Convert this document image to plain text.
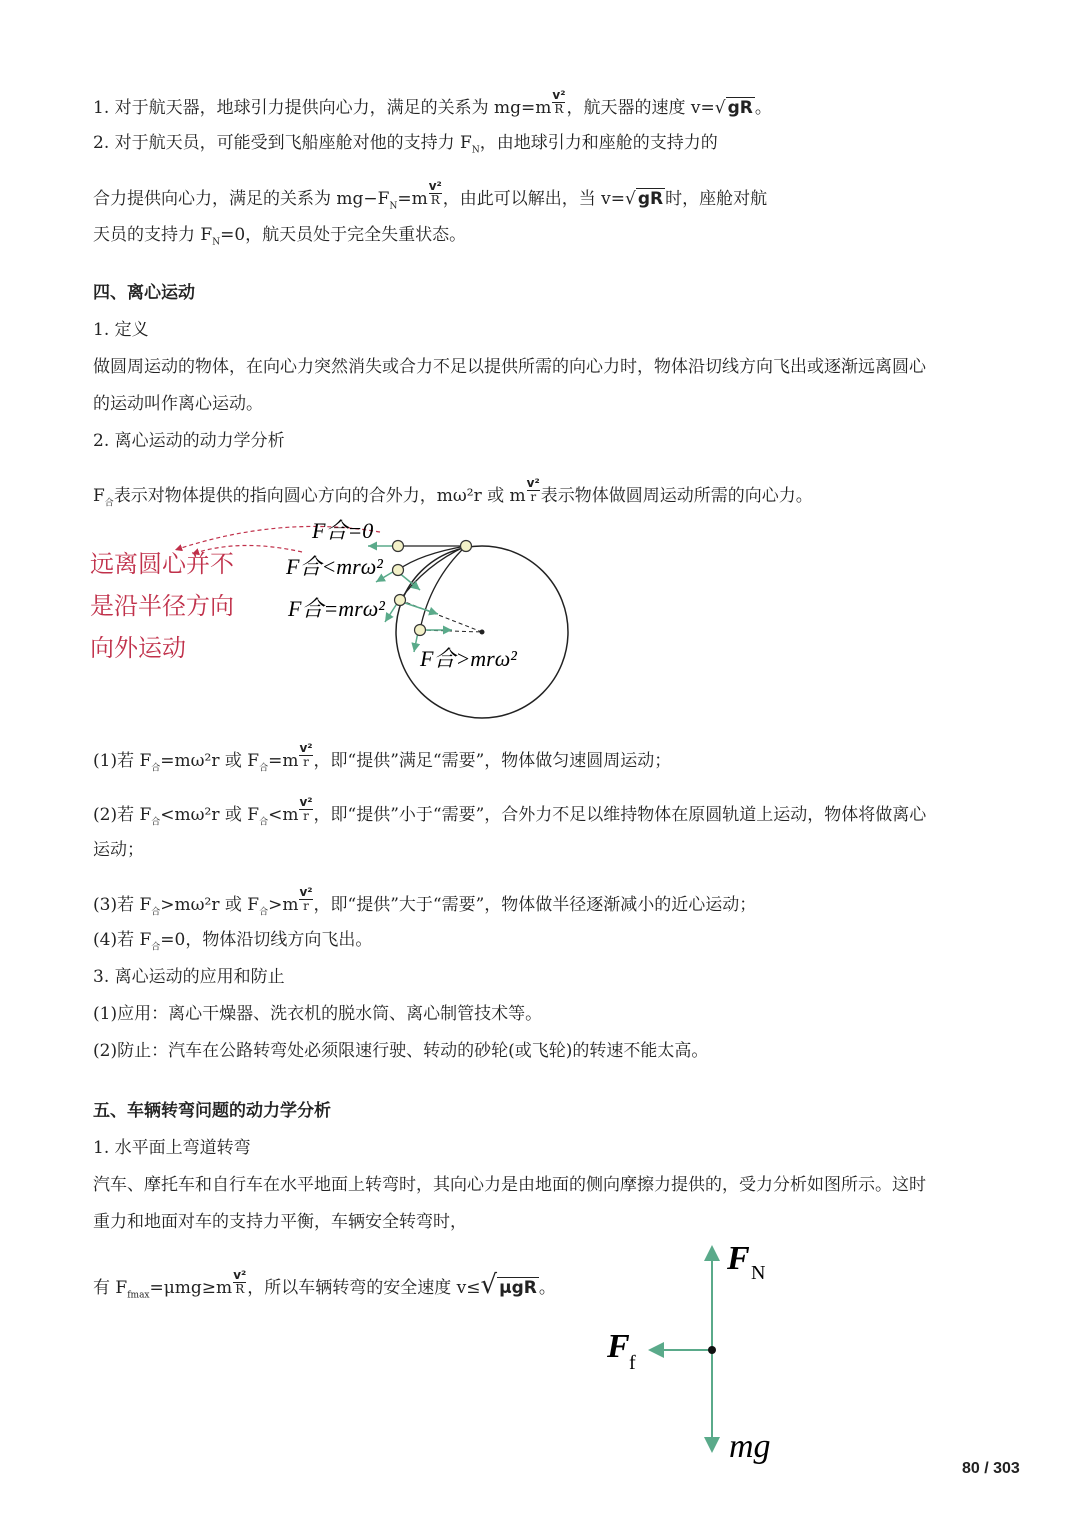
1. 对于航天器，地球引力提供向心力，满足的关系为 $mg=m \frac{\text{v²}}{R}$ ，航天器的速度 v=√ gR 。
2. 对于航天员，可能受到飞船座舱对他的支持力 $F_N$，由地球引力和座舱的支持力的
合力提供向心力，满足的关系为 $mg-F_N=m \frac{\text{v²}}{R}$ ，由此可以解出，当 v=√ gR 时，座舱对航
天员的支持力 $F_N=0$，航天员处于完全失重状态。
四、离心运动
1. 定义
做圆周运动的物体，在向心力突然消失或合力不足以提供所需的向心力时，物体沿切线方向飞出或逐渐远离圆心
的运动叫作离心运动。
2. 离心运动的动力学分析
$F_合$表示对物体提供的指向圆心方向的合外力，mω²r 或 m $\frac{\text{v²}}{r}$ 表示物体做圆周运动所需的向心力。
F合=0
F合<mrω²
F合=mrω²
F合>mrω²
远离圆心并不
是沿半径方向
向外运动
(1)若 $F_合=m\omega^2r$ 或 $F_合=m \frac{\text{v²}}{r}$ ，即“提供”满足“需要”，物体做匀速圆周运动；
(2)若 $F_合<m\omega^2r$ 或 $F_合<m \frac{\text{v²}}{r}$ ，即“提供”小于“需要”，合外力不足以维持物体在原圆轨道上运动，物体将做离心
运动；
(3)若 $F_合>m\omega^2r$ 或 $F_合>m \frac{\text{v²}}{r}$ ，即“提供”大于“需要”，物体做半径逐渐减小的近心运动；
(4)若 $F_合=0$，物体沿切线方向飞出。
3. 离心运动的应用和防止
(1)应用：离心干燥器、洗衣机的脱水筒、离心制管技术等。
(2)防止：汽车在公路转弯处必须限速行驶、转动的砂轮(或飞轮)的转速不能太高。
五、车辆转弯问题的动力学分析
1. 水平面上弯道转弯
汽车、摩托车和自行车在水平地面上转弯时，其向心力是由地面的侧向摩擦力提供的，受力分析如图所示。这时
重力和地面对车的支持力平衡，车辆安全转弯时，
有 $F_{fmax}=\mu mg\ge m \frac{\text{v²}}{R}$ ，所以车辆转弯的安全速度 v≤√ μgR 。
F N
F f
mg
80 / 303
